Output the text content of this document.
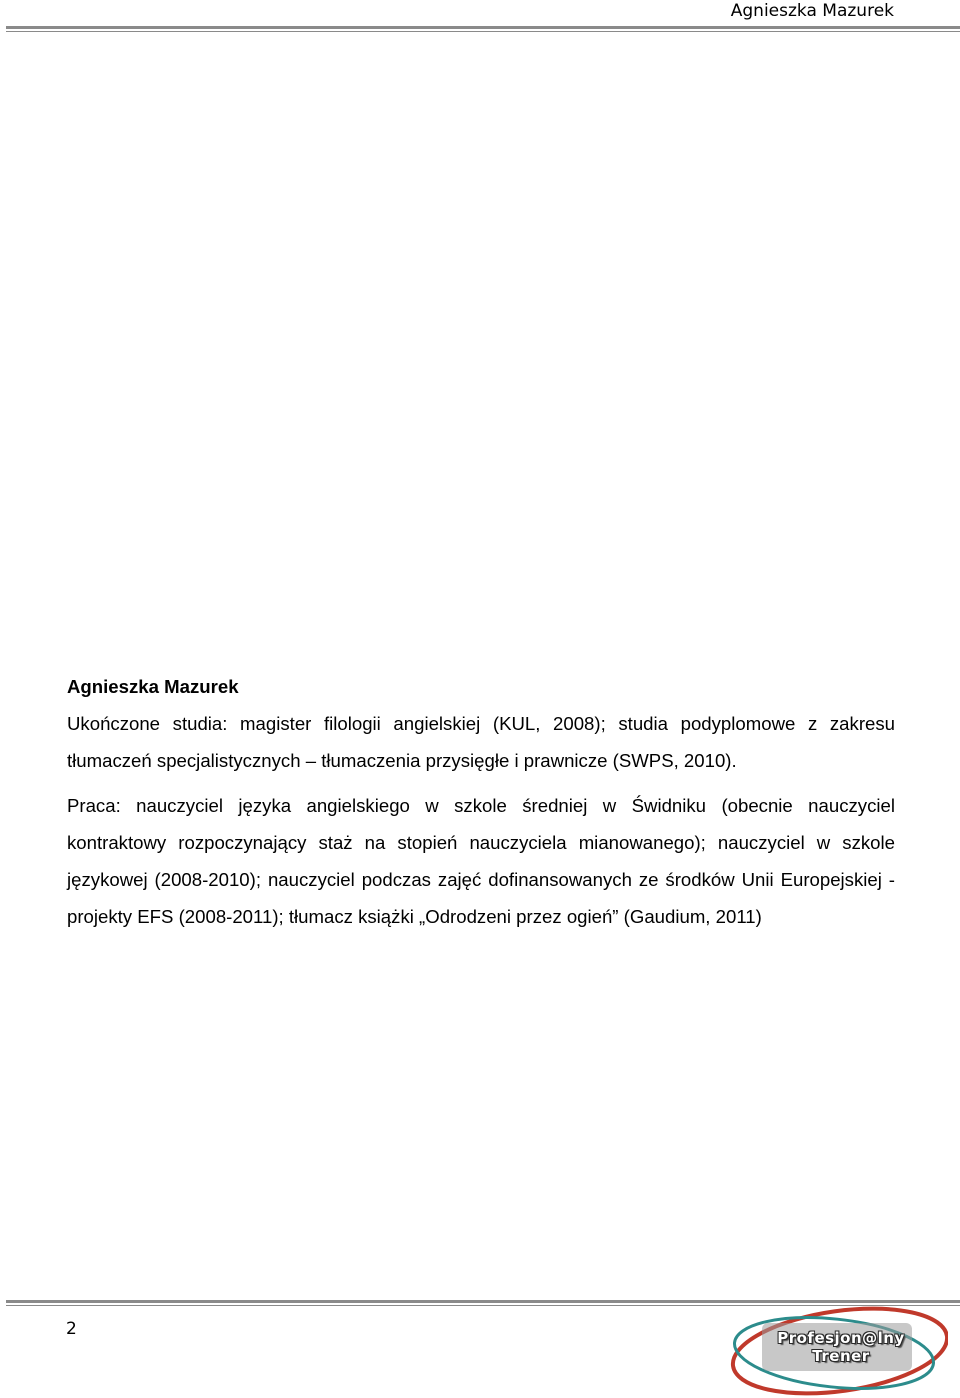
Agnieszka Mazurek

Agnieszka Mazurek

Ukończone studia: magister filologii angielskiej (KUL, 2008); studia podyplomowe z zakresu tłumaczeń specjalistycznych – tłumaczenia przysięgłe i prawnicze (SWPS, 2010).

Praca: nauczyciel języka angielskiego w szkole średniej w Świdniku (obecnie nauczyciel kontraktowy rozpoczynający staż na stopień nauczyciela mianowanego); nauczyciel w szkole językowej (2008-2010); nauczyciel podczas zajęć dofinansowanych ze środków Unii Europejskiej - projekty EFS (2008-2011); tłumacz książki „Odrodzeni przez ogień” (Gaudium, 2011)

2	Profesjon@lny
Trener
